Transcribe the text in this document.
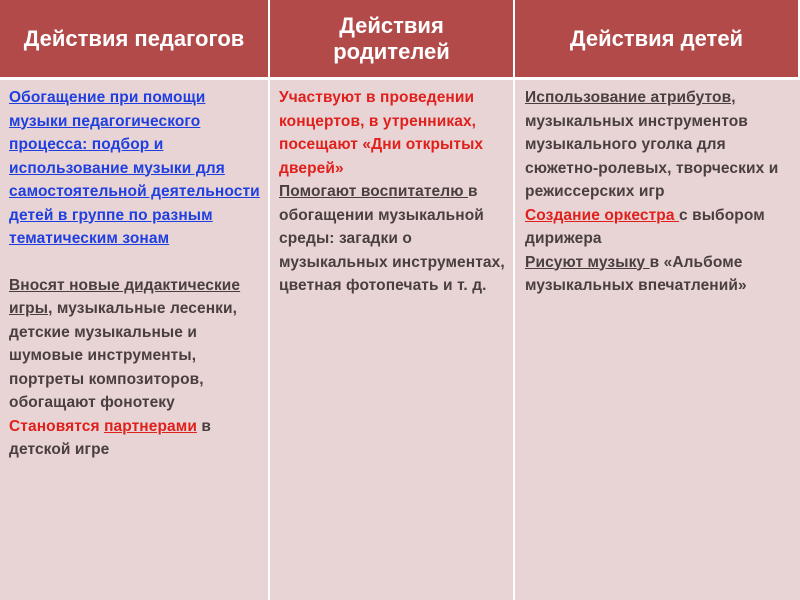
Действия педагогов
Действия родителей
Действия детей
Обогащение при помощи музыки педагогического процесса: подбор и использование музыки для самостоятельной деятельности детей в группе по разным тематическим зонам
Вносят новые дидактические игры, музыкальные лесенки, детские музыкальные и шумовые инструменты, портреты композиторов, обогащают фонотеку
Становятся партнерами в детской игре
Участвуют в проведении концертов, в утренниках, посещают «Дни открытых дверей»
Помогают воспитателю в обогащении музыкальной среды: загадки о музыкальных инструментах, цветная фотопечать и т. д.
Использование атрибутов, музыкальных инструментов музыкального уголка для сюжетно-ролевых, творческих и режиссерских игр
Создание оркестра с выбором дирижера
Рисуют музыку в «Альбоме музыкальных впечатлений»
